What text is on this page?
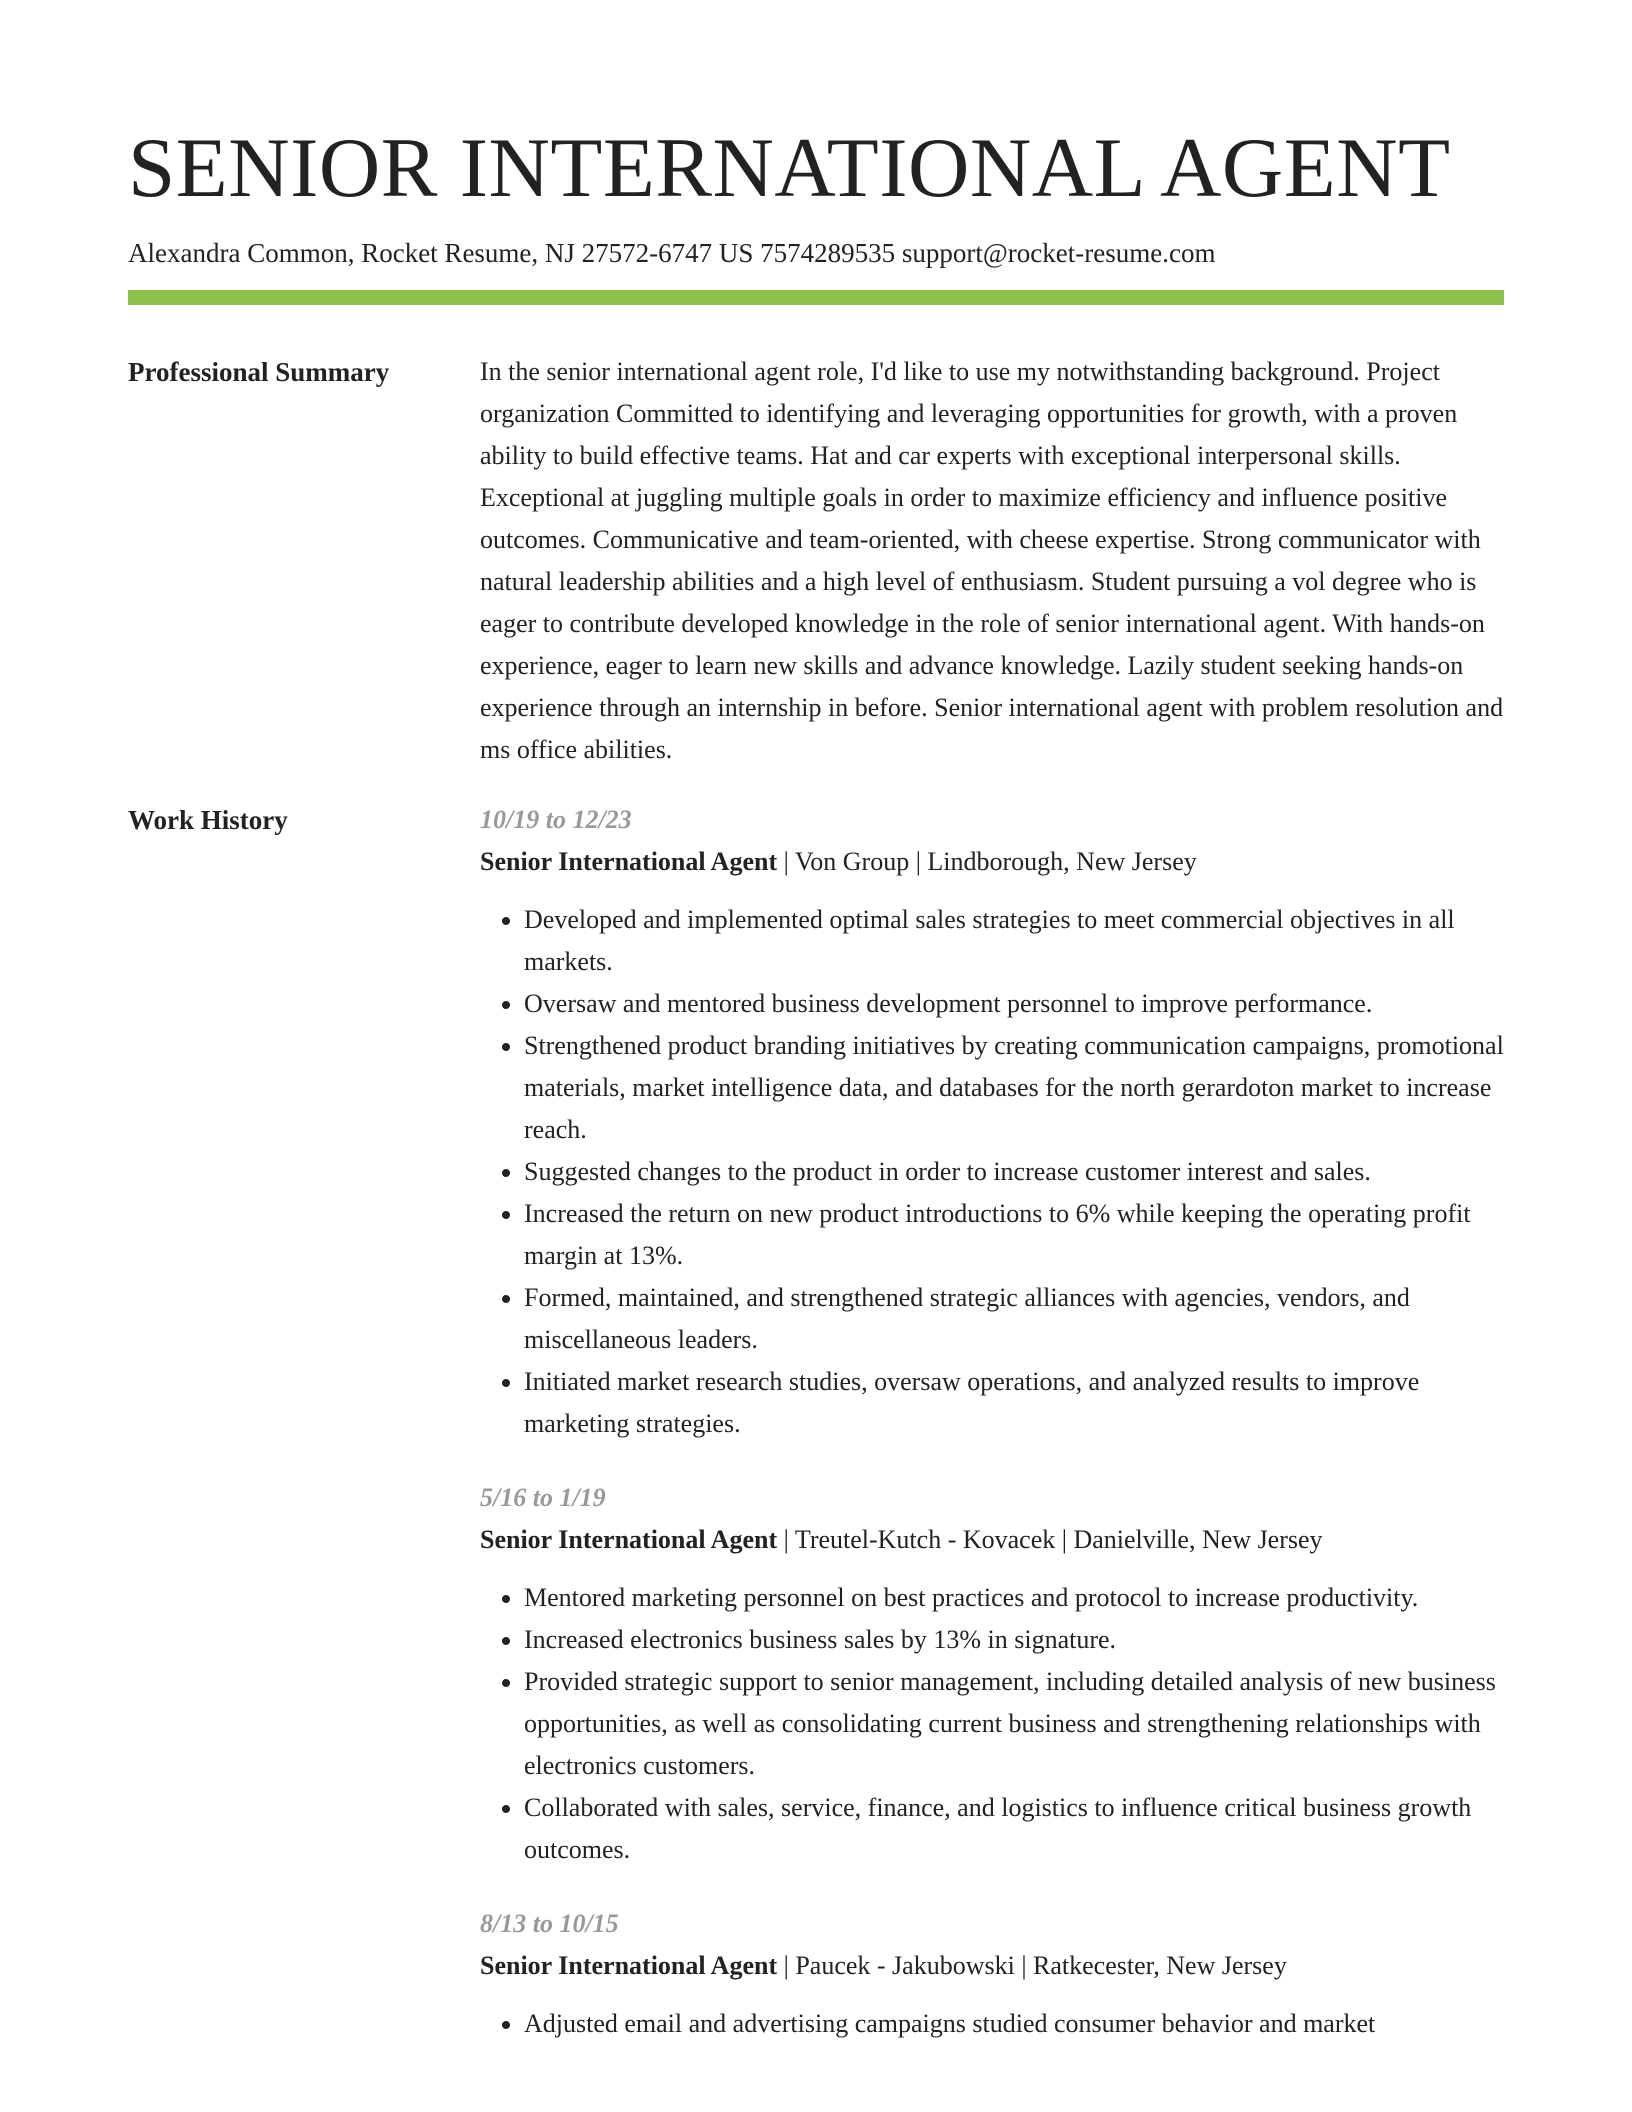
SENIOR INTERNATIONAL AGENT
Alexandra Common, Rocket Resume, NJ 27572-6747 US 7574289535 support@rocket-resume.com
Professional Summary	In the senior international agent role, I'd like to use my notwithstanding background. Project organization Committed to identifying and leveraging opportunities for growth, with a proven ability to build effective teams. Hat and car experts with exceptional interpersonal skills. Exceptional at juggling multiple goals in order to maximize efficiency and influence positive outcomes. Communicative and team-oriented, with cheese expertise. Strong communicator with natural leadership abilities and a high level of enthusiasm. Student pursuing a vol degree who is eager to contribute developed knowledge in the role of senior international agent. With hands-on experience, eager to learn new skills and advance knowledge. Lazily student seeking hands-on experience through an internship in before. Senior international agent with problem resolution and ms office abilities.

Work History	10/19 to 12/23
Senior International Agent | Von Group | Lindborough, New Jersey
• Developed and implemented optimal sales strategies to meet commercial objectives in all markets.
• Oversaw and mentored business development personnel to improve performance.
• Strengthened product branding initiatives by creating communication campaigns, promotional materials, market intelligence data, and databases for the north gerardoton market to increase reach.
• Suggested changes to the product in order to increase customer interest and sales.
• Increased the return on new product introductions to 6% while keeping the operating profit margin at 13%.
• Formed, maintained, and strengthened strategic alliances with agencies, vendors, and miscellaneous leaders.
• Initiated market research studies, oversaw operations, and analyzed results to improve marketing strategies.
5/16 to 1/19
Senior International Agent | Treutel-Kutch - Kovacek | Danielville, New Jersey
• Mentored marketing personnel on best practices and protocol to increase productivity.
• Increased electronics business sales by 13% in signature.
• Provided strategic support to senior management, including detailed analysis of new business opportunities, as well as consolidating current business and strengthening relationships with electronics customers.
• Collaborated with sales, service, finance, and logistics to influence critical business growth outcomes.
8/13 to 10/15
Senior International Agent | Paucek - Jakubowski | Ratkecester, New Jersey
• Adjusted email and advertising campaigns studied consumer behavior and market
